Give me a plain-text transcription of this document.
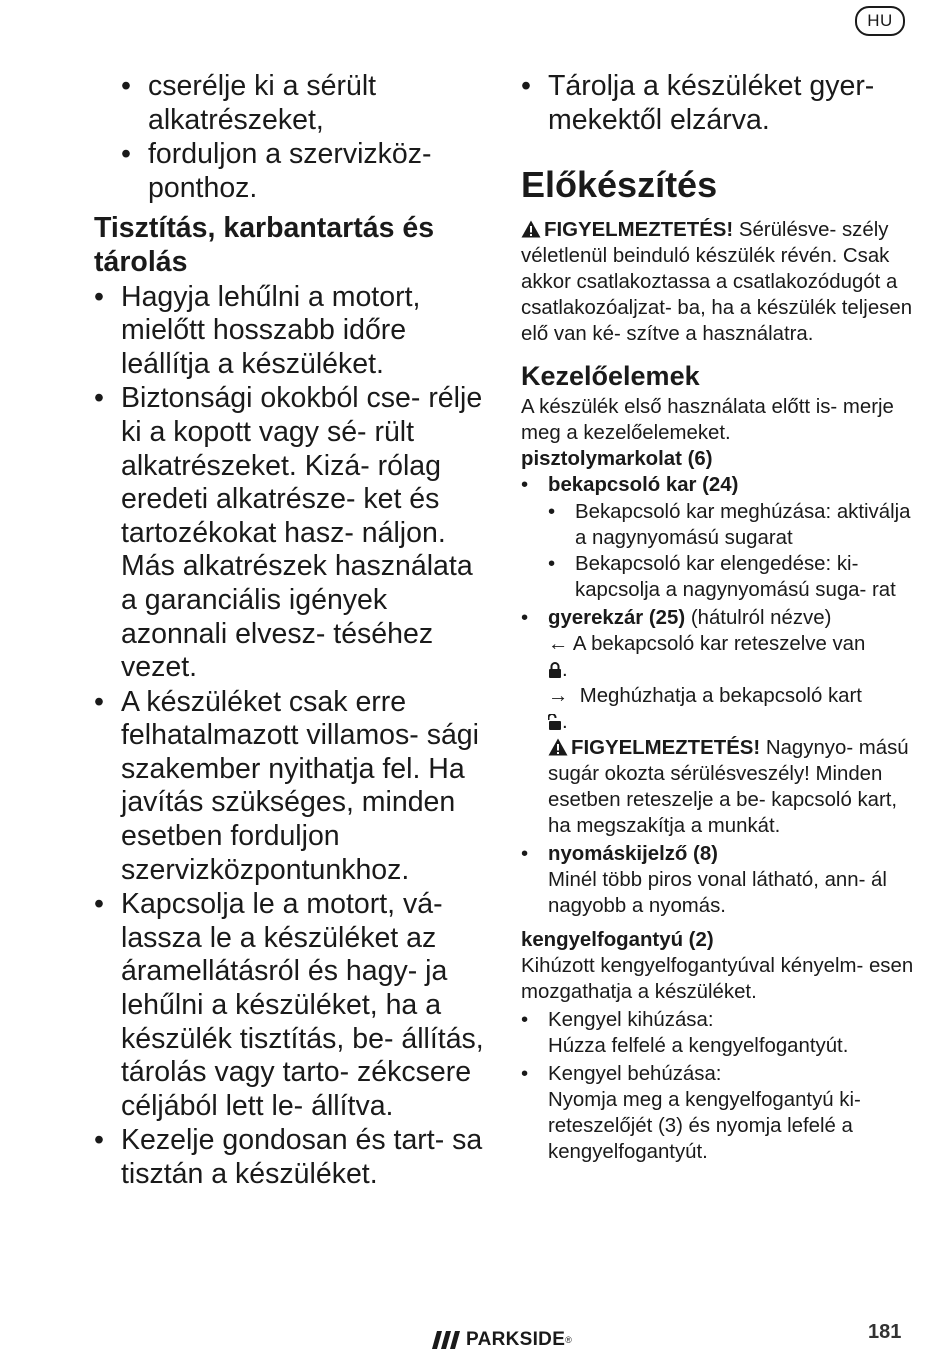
HU
• cserélje ki a sérült alkatrészeket,
• forduljon a szervizköz- ponthoz.
Tisztítás, karbantartás és tárolás
• Hagyja lehűlni a motort, mielőtt hosszabb időre leállítja a készüléket.
• Biztonsági okokból cse- rélje ki a kopott vagy sé- rült alkatrészeket. Kizá- rólag eredeti alkatrésze- ket és tartozékokat hasz- náljon. Más alkatrészek használata a garanciális igények azonnali elvesz- téséhez vezet.
• A készüléket csak erre felhatalmazott villamos- sági szakember nyithatja fel. Ha javítás szükséges, minden esetben forduljon szervizközpontunkhoz.
• Kapcsolja le a motort, vá- lassza le a készüléket az áramellátásról és hagy- ja lehűlni a készüléket, ha a készülék tisztítás, be- állítás, tárolás vagy tarto- zékcsere céljából lett le- állítva.
• Kezelje gondosan és tart- sa tisztán a készüléket.
• Tárolja a készüléket gyer- mekektől elzárva.
Előkészítés

FIGYELMEZTETÉS! Sérülésve- szély véletlenül beinduló készülék révén. Csak akkor csatlakoztassa a csatlakozódugót a csatlakozóaljzat- ba, ha a készülék teljesen elő van ké- szítve a használatra.

Kezelőelemek

A készülék első használata előtt is- merje meg a kezelőelemeket.

pisztolymarkolat (6)

• bekapcsoló kar (24)
• Bekapcsoló kar meghúzása: aktiválja a nagynyomású sugarat
• Bekapcsoló kar elengedése: ki- kapcsolja a nagynyomású suga- rat
• gyerekzár (25) (hátulról nézve)
← A bekapcsoló kar reteszelve van
.
→  Meghúzhatja a bekapcsoló kart
.

FIGYELMEZTETÉS! Nagynyo- mású sugár okozta sérülésveszély! Minden esetben reteszelje a be- kapcsoló kart, ha megszakítja a munkát.

• nyomáskijelző (8)
Minél több piros vonal látható, ann- ál nagyobb a nyomás.

kengyelfogantyú (2)

Kihúzott kengyelfogantyúval kényelm- esen mozgathatja a készüléket.

• Kengyel kihúzása:
Húzza felfelé a kengyelfogantyút.
• Kengyel behúzása:
Nyomja meg a kengyelfogantyú ki- reteszelőjét (3) és nyomja lefelé a kengyelfogantyút.
PARKSIDE ®	181
